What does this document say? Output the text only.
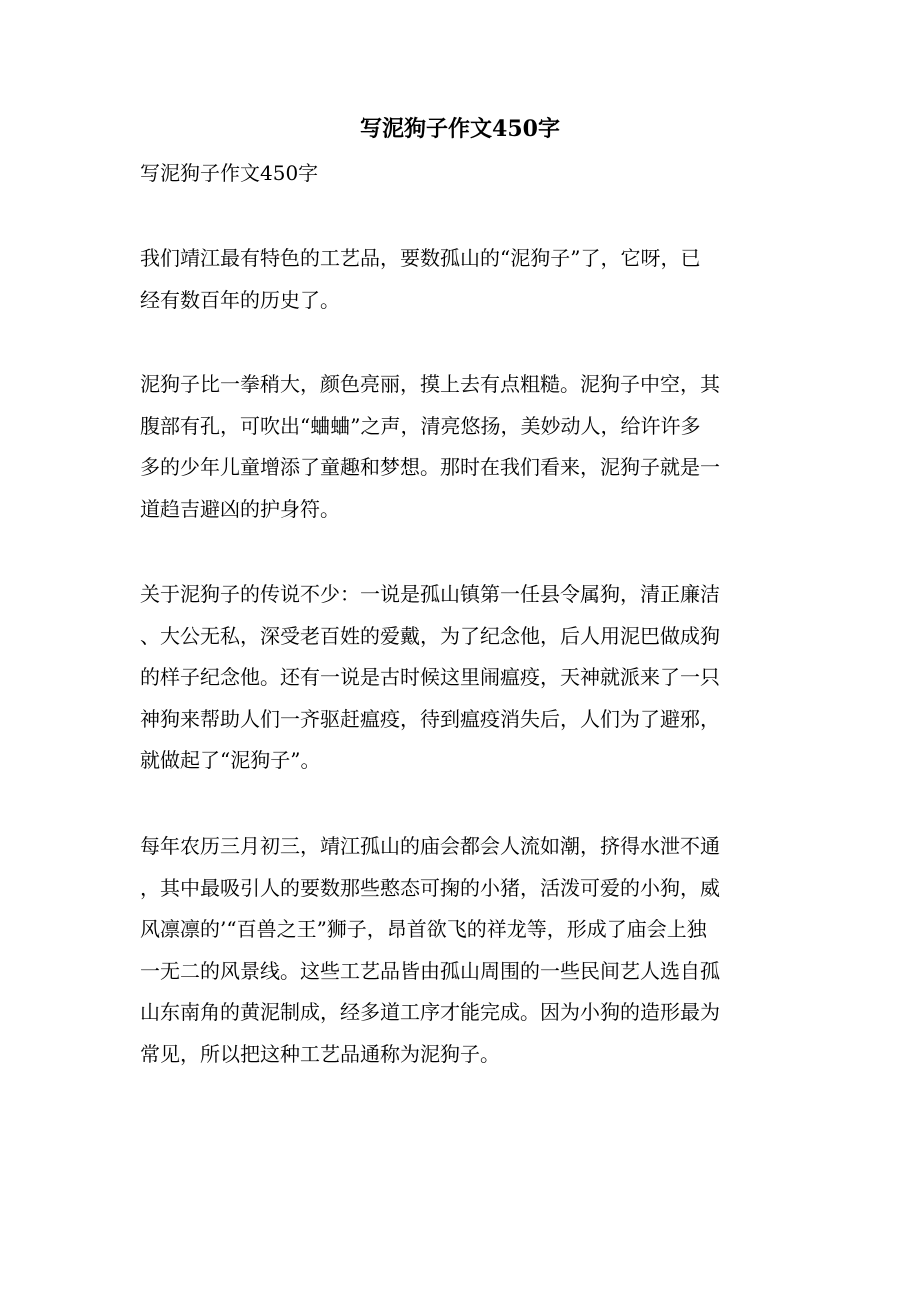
写泥狗子作文450字

写泥狗子作文450字

我们靖江最有特色的工艺品，要数孤山的“泥狗子”了，它呀，已
经有数百年的历史了。
泥狗子比一拳稍大，颜色亮丽，摸上去有点粗糙。泥狗子中空，其
腹部有孔，可吹出“蛐蛐”之声，清亮悠扬，美妙动人，给许许多
多的少年儿童增添了童趣和梦想。那时在我们看来，泥狗子就是一
道趋吉避凶的护身符。
关于泥狗子的传说不少：一说是孤山镇第一任县令属狗，清正廉洁
、大公无私，深受老百姓的爱戴，为了纪念他，后人用泥巴做成狗
的样子纪念他。还有一说是古时候这里闹瘟疫，天神就派来了一只
神狗来帮助人们一齐驱赶瘟疫，待到瘟疫消失后，人们为了避邪，
就做起了“泥狗子”。
每年农历三月初三，靖江孤山的庙会都会人流如潮，挤得水泄不通
，其中最吸引人的要数那些憨态可掬的小猪，活泼可爱的小狗，威
风凛凛的’“百兽之王”狮子，昂首欲飞的祥龙等，形成了庙会上独
一无二的风景线。这些工艺品皆由孤山周围的一些民间艺人选自孤
山东南角的黄泥制成，经多道工序才能完成。因为小狗的造形最为
常见，所以把这种工艺品通称为泥狗子。
